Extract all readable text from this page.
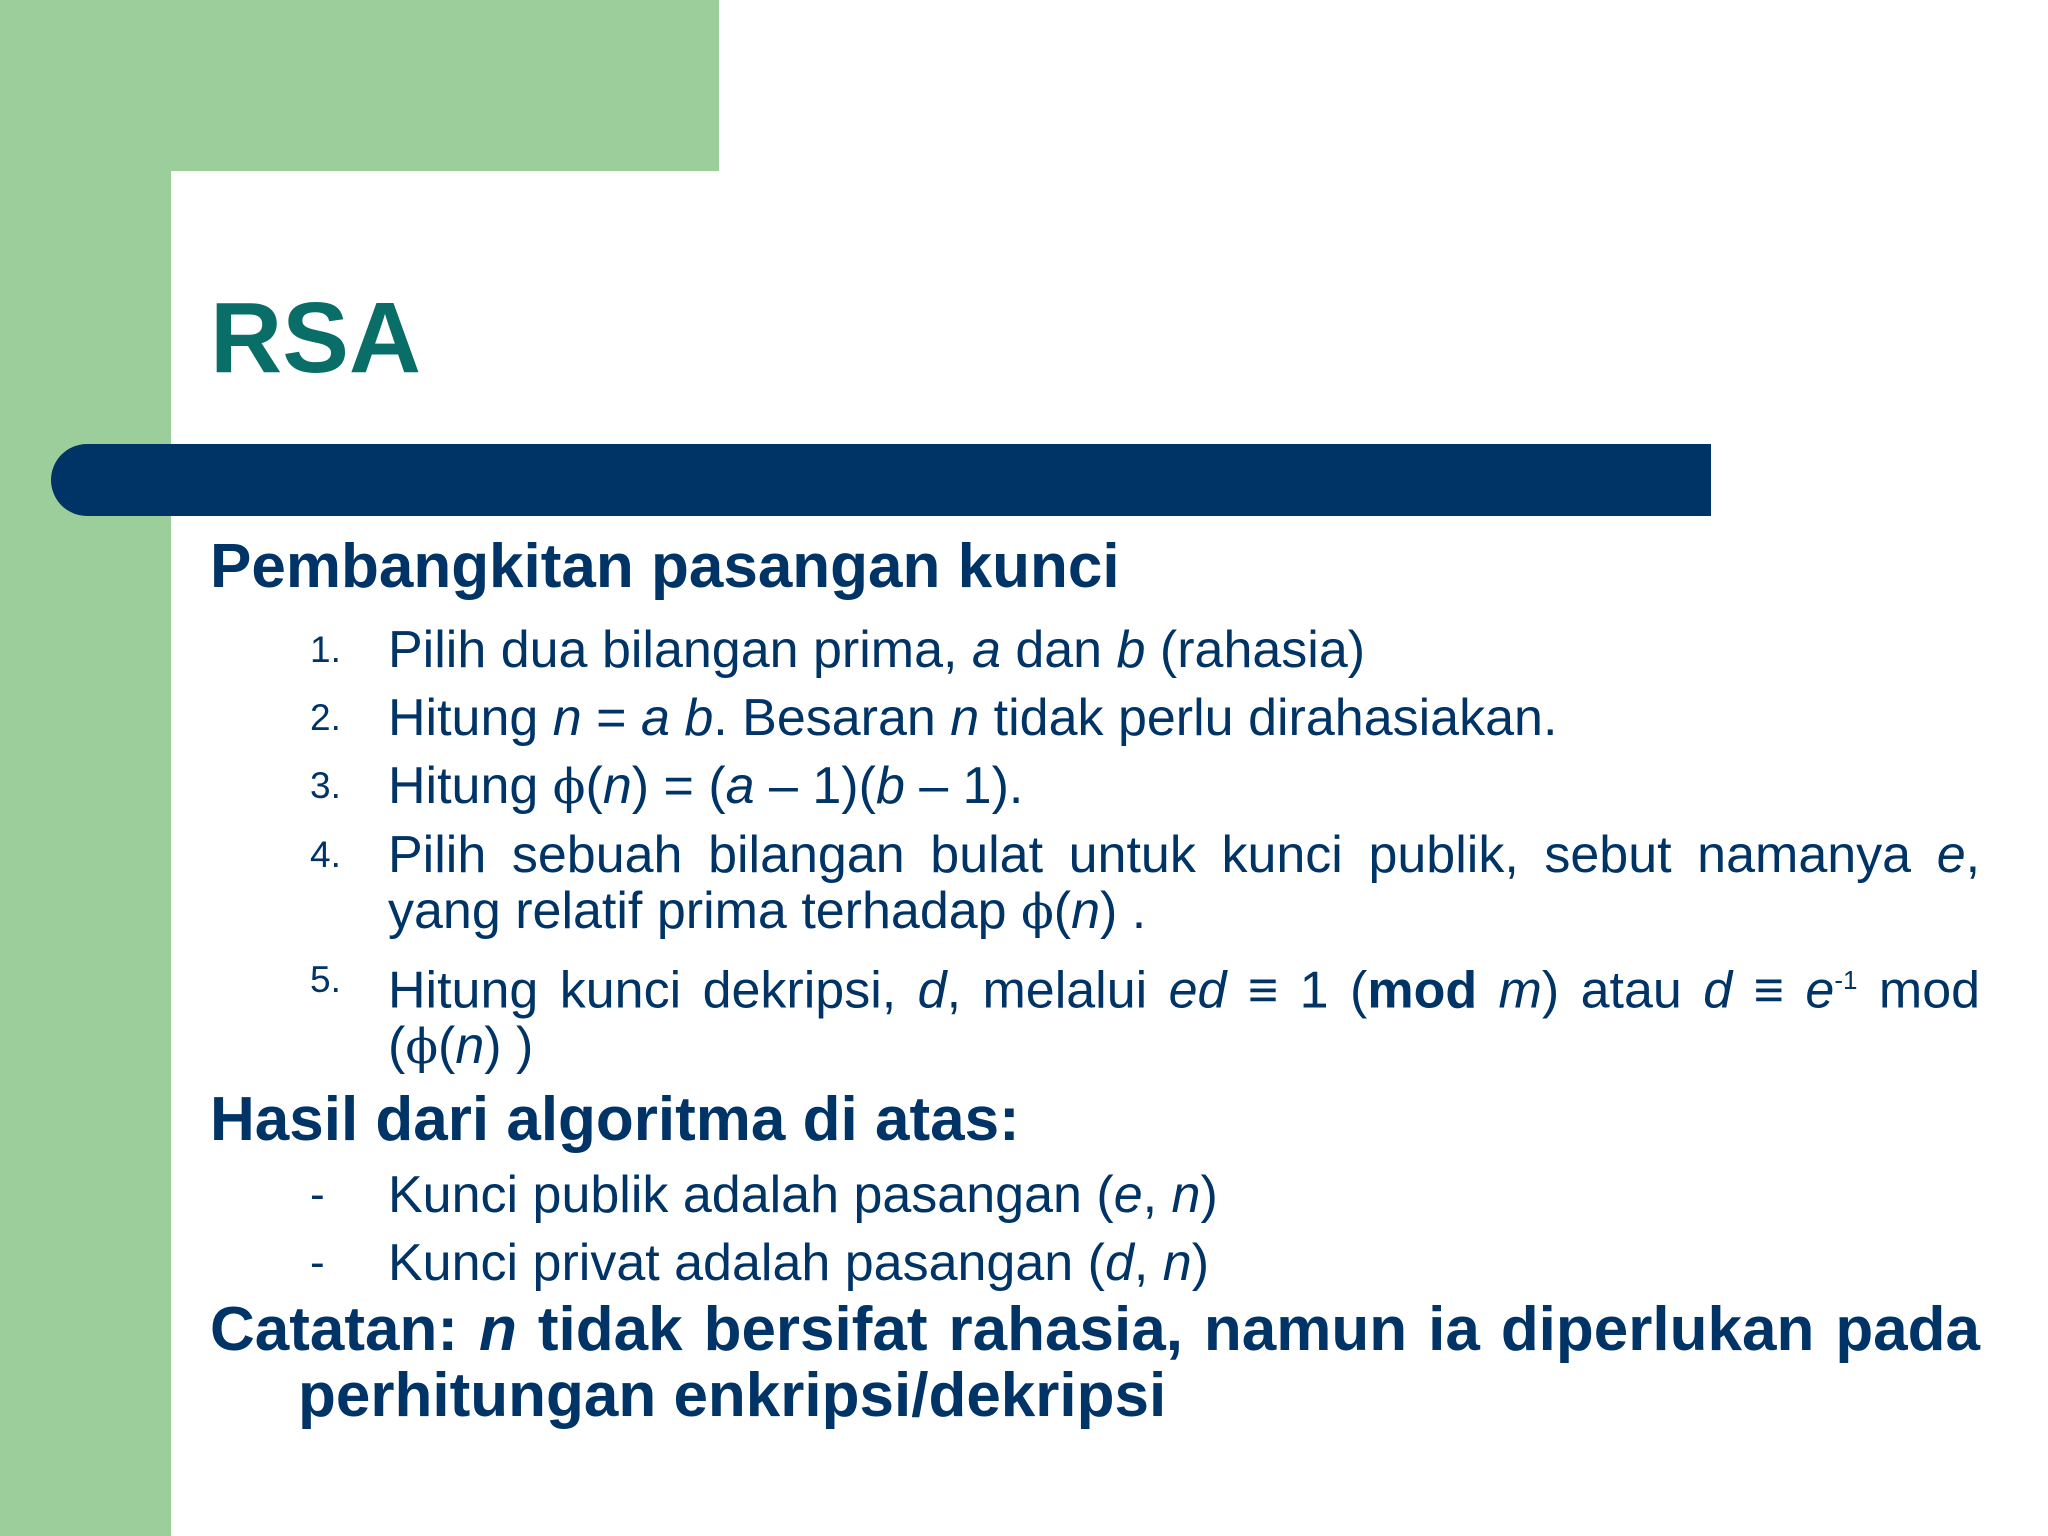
RSA

Pembangkitan pasangan kunci

1. Pilih dua bilangan prima, a dan b (rahasia)
2. Hitung n = a b. Besaran n tidak perlu dirahasiakan.
3. Hitung ϕ(n) = (a – 1)(b – 1).
4. Pilih sebuah bilangan bulat untuk kunci publik, sebut namanya e, yang relatif prima terhadap ϕ(n) .
5. Hitung kunci dekripsi, d, melalui ed ≡ 1 (mod m) atau $d \equiv e^{-1}$ mod (ϕ(n) )

Hasil dari algoritma di atas:

-	Kunci publik adalah pasangan (e, n)
-	Kunci privat adalah pasangan (d, n)

Catatan: n tidak bersifat rahasia, namun ia diperlukan pada perhitungan enkripsi/dekripsi
